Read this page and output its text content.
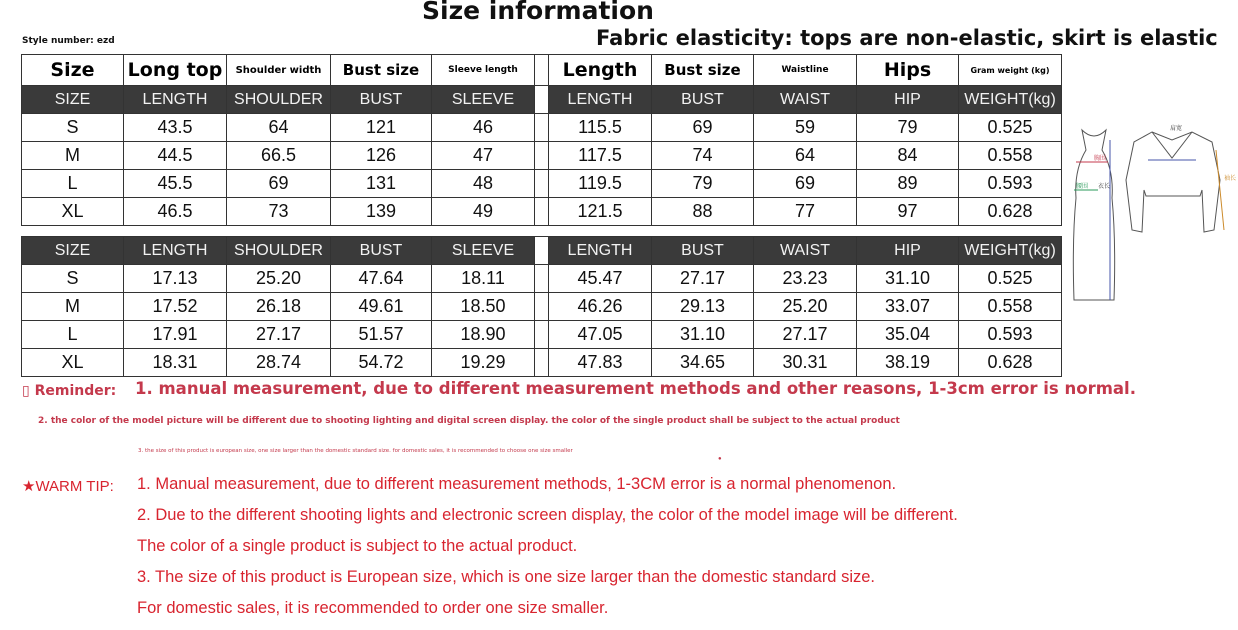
Size information
Style number: ezd	Fabric elasticity: tops are non-elastic, skirt is elastic
Size	Long top	Shoulder width	Bust size	Sleeve length		Length	Bust size	Waistline	Hips	Gram weight (kg)
SIZE	LENGTH	SHOULDER	BUST	SLEEVE		LENGTH	BUST	WAIST	HIP	WEIGHT(kg)
S	43.5	64	121	46		115.5	69	59	79	0.525
M	44.5	66.5	126	47		117.5	74	64	84	0.558
L	45.5	69	131	48		119.5	79	69	89	0.593
XL	46.5	73	139	49		121.5	88	77	97	0.628
SIZE	LENGTH	SHOULDER	BUST	SLEEVE		LENGTH	BUST	WAIST	HIP	WEIGHT(kg)
S	17.13	25.20	47.64	18.11		45.47	27.17	23.23	31.10	0.525
M	17.52	26.18	49.61	18.50		46.26	29.13	25.20	33.07	0.558
L	17.91	27.17	51.57	18.90		47.05	31.10	27.17	35.04	0.593
XL	18.31	28.74	54.72	19.29		47.83	34.65	30.31	38.19	0.628
胸围
腰围 衣长
肩宽
袖长
▯ Reminder: 1. manual measurement, due to different measurement methods and other reasons, 1-3cm error is normal.
2. the color of the model picture will be different due to shooting lighting and digital screen display. the color of the single product shall be subject to the actual product
3. the size of this product is european size, one size larger than the domestic standard size. for domestic sales, it is recommended to choose one size smaller
●
★WARM TIP: 1. Manual measurement, due to different measurement methods, 1-3CM error is a normal phenomenon.
2. Due to the different shooting lights and electronic screen display, the color of the model image will be different.
The color of a single product is subject to the actual product.
3. The size of this product is European size, which is one size larger than the domestic standard size.
For domestic sales, it is recommended to order one size smaller.
